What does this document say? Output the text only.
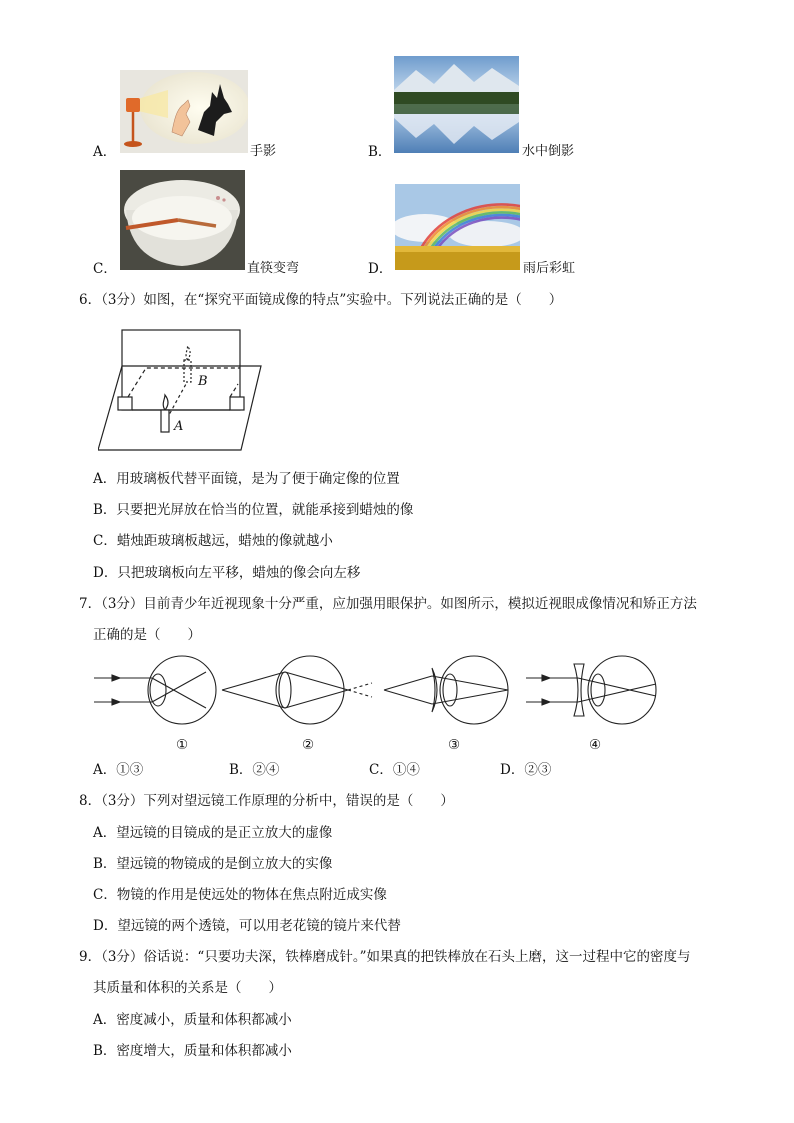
A．	手影	B．	水中倒影
C．	直筷变弯	D．	雨后彩虹
6．（3分）如图，在“探究平面镜成像的特点”实验中。下列说法正确的是（　　）
B
A
A．用玻璃板代替平面镜，是为了便于确定像的位置
B．只要把光屏放在恰当的位置，就能承接到蜡烛的像
C．蜡烛距玻璃板越远，蜡烛的像就越小
D．只把玻璃板向左平移，蜡烛的像会向左移
7．（3分）目前青少年近视现象十分严重，应加强用眼保护。如图所示，模拟近视眼成像情况和矫正方法
正确的是（　　）
①	②	③	④
A．①③	B．②④	C．①④	D．②③
8．（3分）下列对望远镜工作原理的分析中，错误的是（　　）
A．望远镜的目镜成的是正立放大的虚像
B．望远镜的物镜成的是倒立放大的实像
C．物镜的作用是使远处的物体在焦点附近成实像
D．望远镜的两个透镜，可以用老花镜的镜片来代替
9．（3分）俗话说：“只要功夫深，铁棒磨成针。”如果真的把铁棒放在石头上磨，这一过程中它的密度与
其质量和体积的关系是（　　）
A．密度减小，质量和体积都减小
B．密度增大，质量和体积都减小
